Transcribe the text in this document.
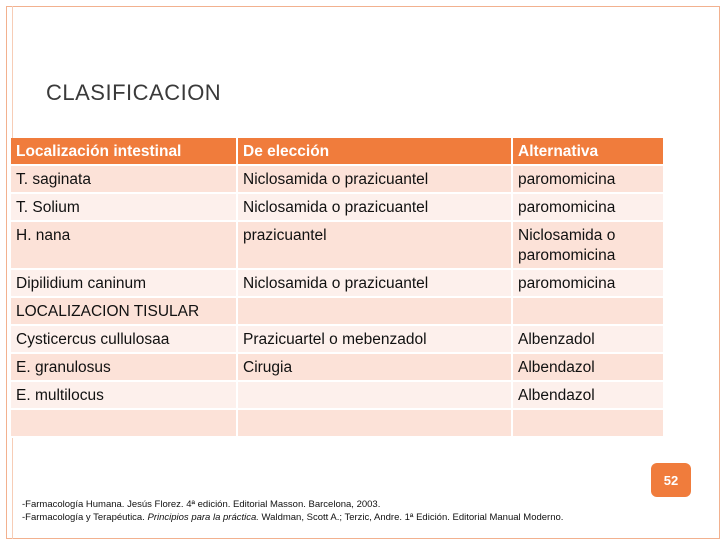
CLASIFICACION
Localización intestinal	De elección	Alternativa
T. saginata	Niclosamida o prazicuantel	paromomicina
T. Solium	Niclosamida o prazicuantel	paromomicina
H. nana	prazicuantel	Niclosamida o paromomicina
Dipilidium caninum	Niclosamida o prazicuantel	paromomicina
LOCALIZACION TISULAR		
Cysticercus cullulosaa	Prazicuartel o mebenzadol	Albenzadol
E. granulosus	Cirugia	Albendazol
E. multilocus		Albendazol

52
-Farmacología Humana. Jesús Florez. 4ª edición. Editorial Masson. Barcelona, 2003.
-Farmacología y Terapéutica. Principios para la práctica. Waldman, Scott A.; Terzic, Andre. 1ª Edición. Editorial Manual Moderno.
